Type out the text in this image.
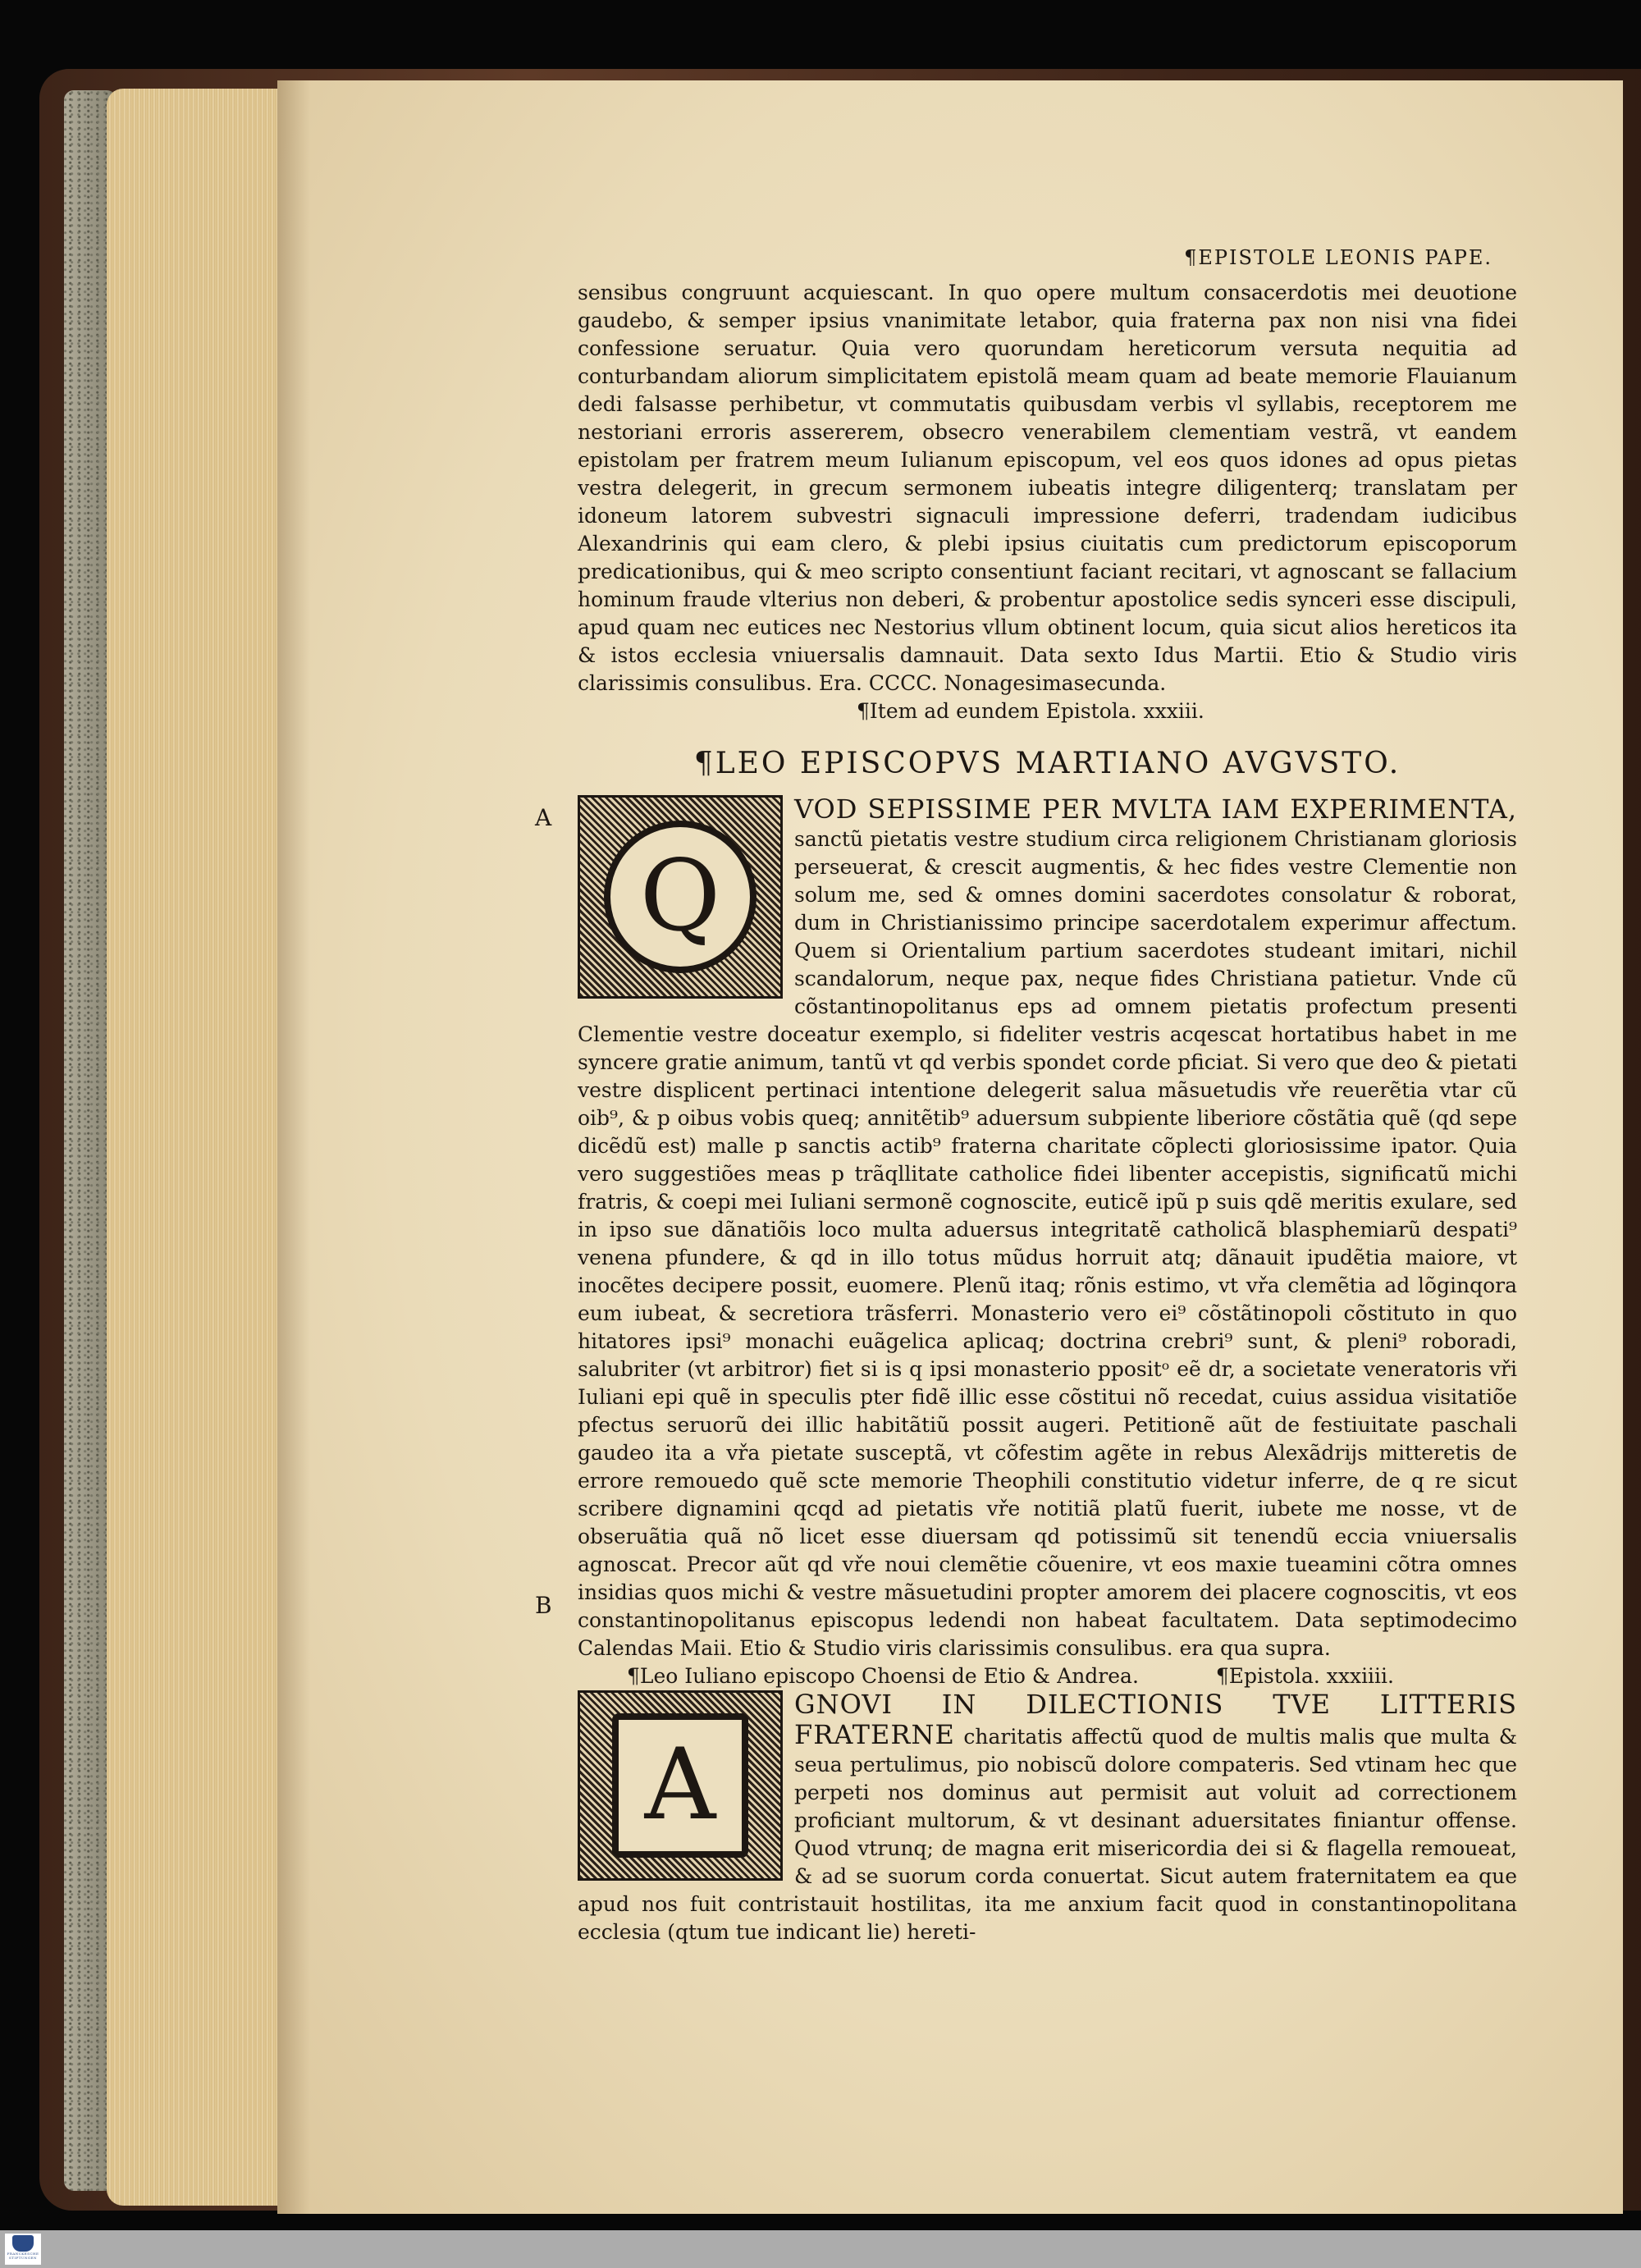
A
B
¶EPISTOLE LEONIS PAPE.

sensibus congruunt acquiescant. In quo opere multum consacerdotis mei deuotione gaudebo, & semper ipsius vnanimitate letabor, quia fraterna pax non nisi vna fidei confessione seruatur. Quia vero quorundam hereticorum versuta nequitia ad conturbandam aliorum simplicitatem epistolã meam quam ad beate memorie Flauianum dedi falsasse perhibetur, vt commutatis quibusdam verbis vl syllabis, receptorem me nestoriani erroris assererem, obsecro venerabilem clementiam vestrã, vt eandem epistolam per fratrem meum Iulianum episcopum, vel eos quos idones ad opus pietas vestra delegerit, in grecum sermonem iubeatis integre diligenterq; translatam per idoneum latorem subvestri signaculi impressione deferri, tradendam iudicibus Alexandrinis qui eam clero, & plebi ipsius ciuitatis cum predictorum episcoporum predicationibus, qui & meo scripto consentiunt faciant recitari, vt agnoscant se fallacium hominum fraude vlterius non deberi, & probentur apostolice sedis synceri esse discipuli, apud quam nec eutices nec Nestorius vllum obtinent locum, quia sicut alios hereticos ita & istos ecclesia vniuersalis damnauit. Data sexto Idus Martii. Etio & Studio viris clarissimis consulibus. Era. CCCC. Nonagesimasecunda.

¶Item ad eundem Epistola. xxxiii.

¶LEO EPISCOPVS MARTIANO AVGVSTO.
Q

VOD SEPISSIME PER MVLTA IAM EXPERIMENTA, sanctũ pietatis vestre studium circa religionem Christianam gloriosis perseuerat, & crescit augmentis, & hec fides vestre Clementie non solum me, sed & omnes domini sacerdotes consolatur & roborat, dum in Christianissimo principe sacerdotalem experimur affectum. Quem si Orientalium partium sacerdotes studeant imitari, nichil scandalorum, neque pax, neque fides Christiana patietur. Vnde cũ cõstantinopolitanus eps ad omnem pietatis profectum presenti Clementie vestre doceatur exemplo, si fideliter vestris acqescat hortatibus habet in me syncere gratie animum, tantũ vt qd verbis spondet corde pficiat. Si vero que deo & pietati vestre displicent pertinaci intentione delegerit salua mãsuetudis vře reuerẽtia vtar cũ oib⁹, & p oibus vobis queq; annitẽtib⁹ aduersum subpiente liberiore cõstãtia quẽ (qd sepe dicẽdũ est) malle p sanctis actib⁹ fraterna charitate cõplecti gloriosissime ipator. Quia vero suggestiões meas p trãqllitate catholice fidei libenter accepistis, significatũ michi fratris, & coepi mei Iuliani sermonẽ cognoscite, euticẽ ipũ p suis qdẽ meritis exulare, sed in ipso sue dãnatiõis loco multa aduersus integritatẽ catholicã blasphemiarũ despati⁹ venena pfundere, & qd in illo totus mũdus horruit atq; dãnauit ipudẽtia maiore, vt inocẽtes decipere possit, euomere. Plenũ itaq; rõnis estimo, vt vřa clemẽtia ad lõginqora eum iubeat, & secretiora trãsferri. Monasterio vero ei⁹ cõstãtinopoli cõstituto in quo hitatores ipsi⁹ monachi euãgelica aplicaq; doctrina crebri⁹ sunt, & pleni⁹ roboradi, salubriter (vt arbitror) fiet si is q ipsi monasterio ppositᵒ eẽ dr, a societate veneratoris vři Iuliani epi quẽ in speculis pter fidẽ illic esse cõstitui nõ recedat, cuius assidua visitatiõe pfectus seruorũ dei illic habitãtiũ possit augeri. Petitionẽ aũt de festiuitate paschali gaudeo ita a vřa pietate susceptã, vt cõfestim agẽte in rebus Alexãdrijs mitteretis de errore remouedo quẽ scte memorie Theophili constitutio videtur inferre, de q re sicut scribere dignamini qcqd ad pietatis vře notitiã platũ fuerit, iubete me nosse, vt de obseruãtia quã nõ licet esse diuersam qd potissimũ sit tenendũ eccia vniuersalis agnoscat. Precor aũt qd vře noui clemẽtie cõuenire, vt eos maxie tueamini cõtra omnes insidias quos michi & vestre mãsuetudini propter amorem dei placere cognoscitis, vt eos constantinopolitanus episcopus ledendi non habeat facultatem. Data septimodecimo Calendas Maii. Etio & Studio viris clarissimis consulibus. era qua supra.

¶Leo Iuliano episcopo Choensi de Etio & Andrea.	¶Epistola. xxxiiii.
A

GNOVI IN DILECTIONIS TVE LITTERIS FRATERNE charitatis affectũ quod de multis malis que multa & seua pertulimus, pio nobiscũ dolore compateris. Sed vtinam hec que perpeti nos dominus aut permisit aut voluit ad correctionem proficiant multorum, & vt desinant aduersitates finiantur offense. Quod vtrunq; de magna erit misericordia dei si & flagella remoueat, & ad se suorum corda conuertat. Sicut autem fraternitatem ea que apud nos fuit contristauit hostilitas, ita me anxium facit quod in constantinopolitana ecclesia (qtum tue indicant lie) hereti-

FRANCKESCHE STIFTUNGEN
